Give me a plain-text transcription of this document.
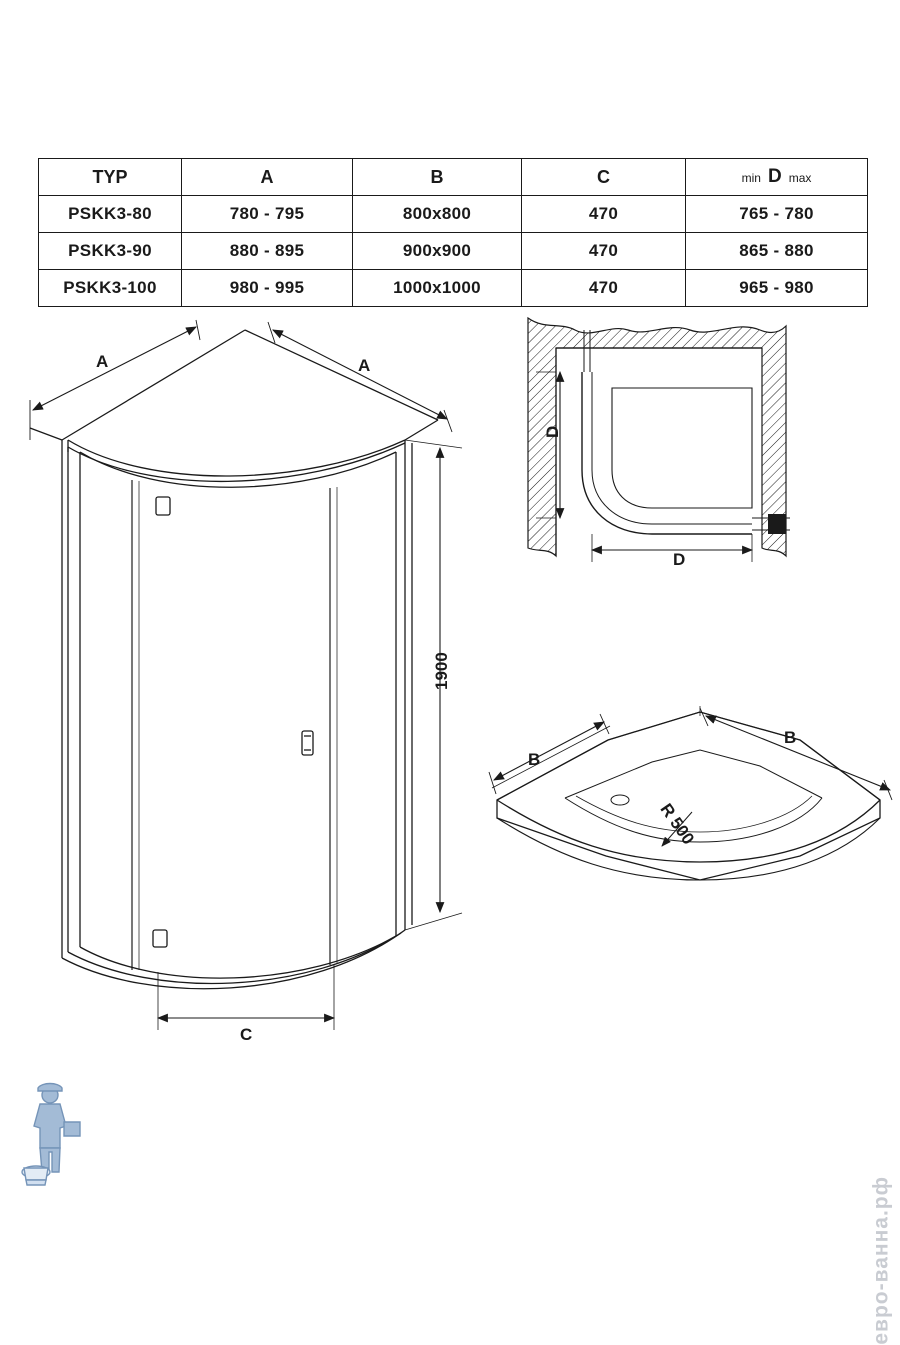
TYP	A	B	C	min D max

PSKK3-80	780 - 795	800x800	470	765 - 780
PSKK3-90	880 - 895	900x900	470	865 - 880
PSKK3-100	980 - 995	1000x1000	470	965 - 980
A	A
1900
C
D
D
B
B
R 500
евро-ванна.рф
